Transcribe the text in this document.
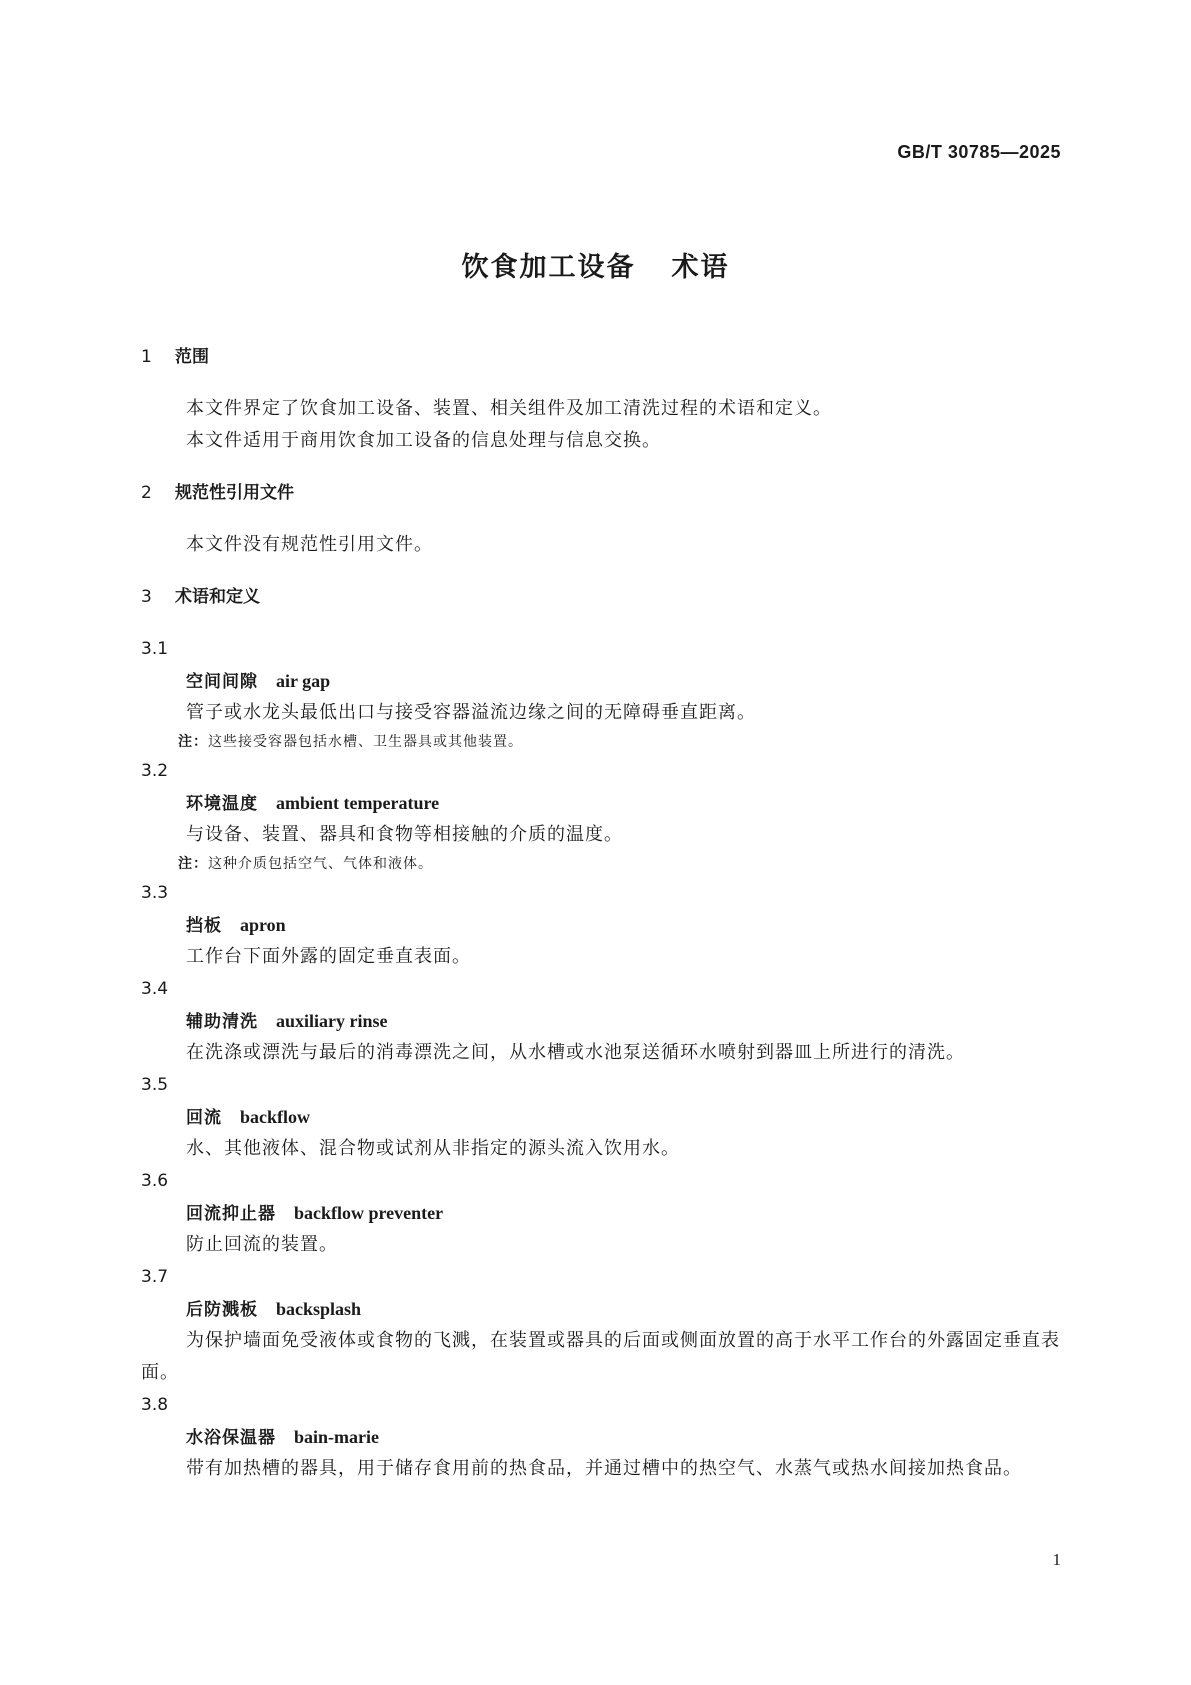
GB/T 30785—2025
饮食加工设备 术语
1 范围
本文件界定了饮食加工设备、装置、相关组件及加工清洗过程的术语和定义。
本文件适用于商用饮食加工设备的信息处理与信息交换。
2 规范性引用文件
本文件没有规范性引用文件。
3 术语和定义
3.1
空间间隙 air gap
管子或水龙头最低出口与接受容器溢流边缘之间的无障碍垂直距离。
注：这些接受容器包括水槽、卫生器具或其他装置。
3.2
环境温度 ambient temperature
与设备、装置、器具和食物等相接触的介质的温度。
注：这种介质包括空气、气体和液体。
3.3
挡板 apron
工作台下面外露的固定垂直表面。
3.4
辅助清洗 auxiliary rinse
在洗涤或漂洗与最后的消毒漂洗之间，从水槽或水池泵送循环水喷射到器皿上所进行的清洗。
3.5
回流 backflow
水、其他液体、混合物或试剂从非指定的源头流入饮用水。
3.6
回流抑止器 backflow preventer
防止回流的装置。
3.7
后防溅板 backsplash
为保护墙面免受液体或食物的飞溅，在装置或器具的后面或侧面放置的高于水平工作台的外露固定垂直表面。
3.8
水浴保温器 bain-marie
带有加热槽的器具，用于储存食用前的热食品，并通过槽中的热空气、水蒸气或热水间接加热食品。
1
